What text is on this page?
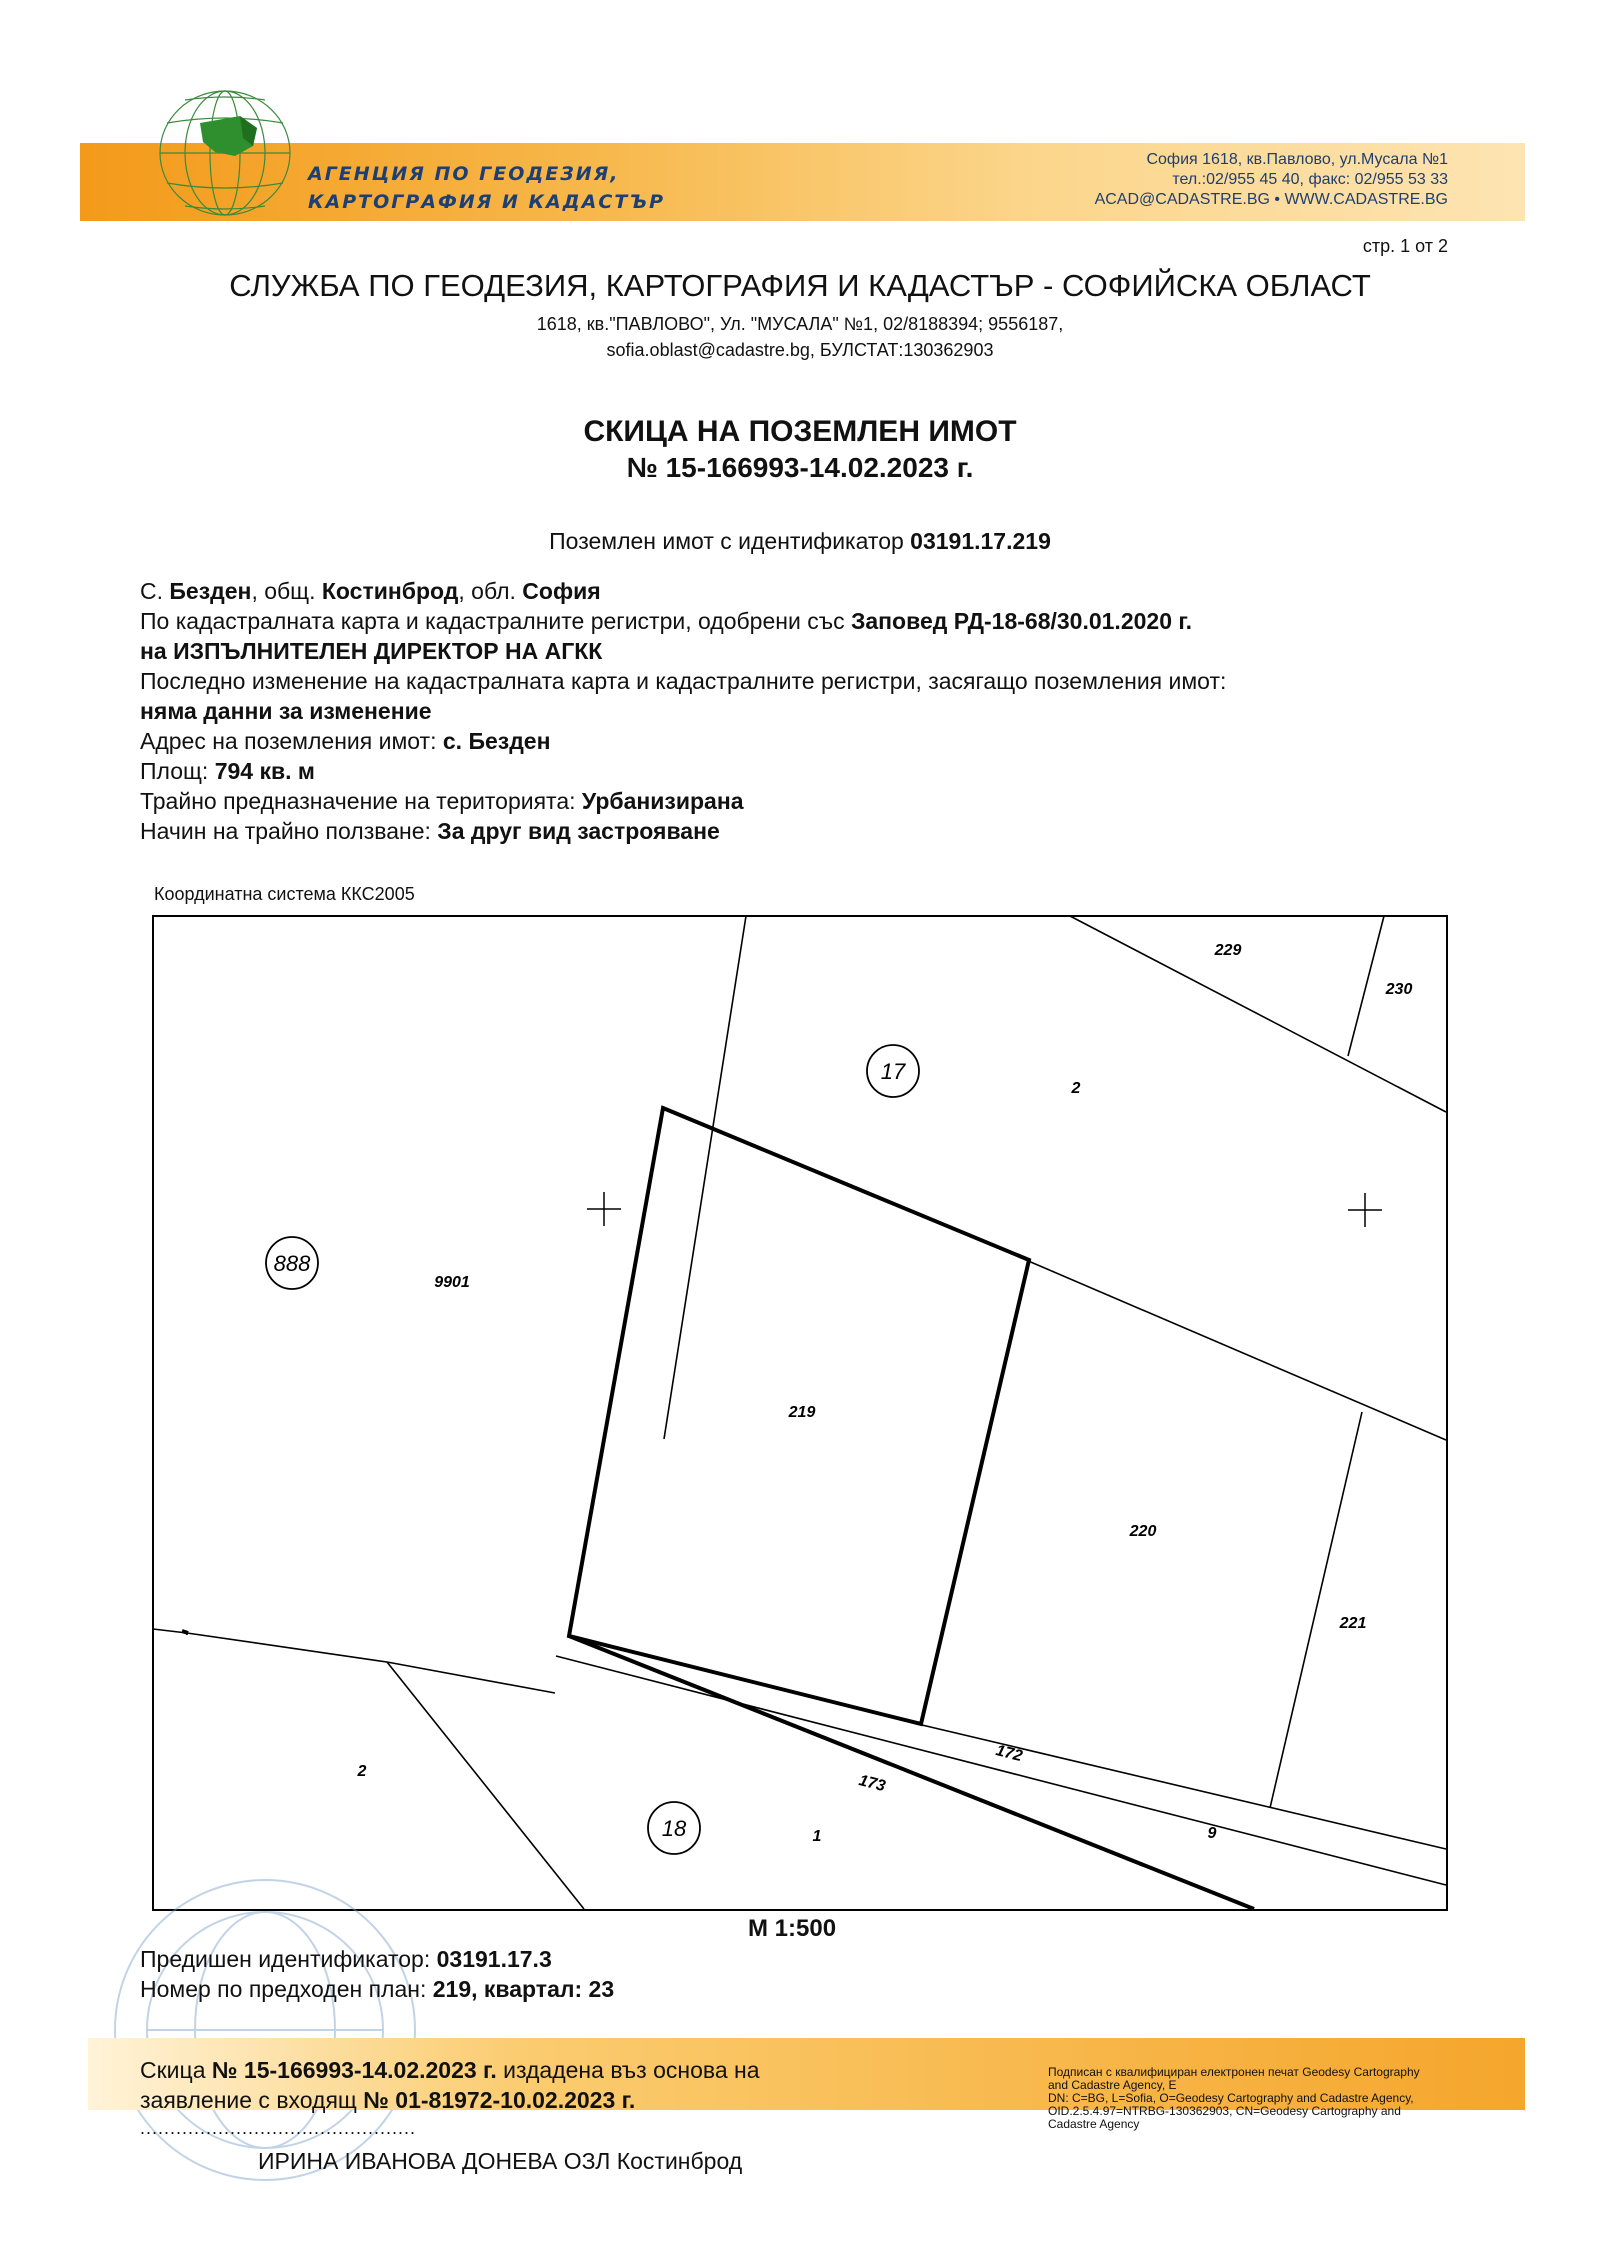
АГЕНЦИЯ ПО ГЕОДЕЗИЯ,
КАРТОГРАФИЯ И КАДАСТЪР
София 1618, кв.Павлово, ул.Мусала №1
тел.:02/955 45 40, факс: 02/955 53 33
ACAD@CADASTRE.BG • WWW.CADASTRE.BG
стр. 1 от 2
СЛУЖБА ПО ГЕОДЕЗИЯ, КАРТОГРАФИЯ И КАДАСТЪР - СОФИЙСКА ОБЛАСТ
1618, кв."ПАВЛОВО", Ул. "МУСАЛА" №1, 02/8188394; 9556187,
sofia.oblast@cadastre.bg, БУЛСТАТ:130362903
СКИЦА НА ПОЗЕМЛЕН ИМОТ
№ 15-166993-14.02.2023 г.
Поземлен имот с идентификатор 03191.17.219
С. Безден, общ. Костинброд, обл. София
По кадастралната карта и кадастралните регистри, одобрени със Заповед РД-18-68/30.01.2020 г.
на ИЗПЪЛНИТЕЛЕН ДИРЕКТОР НА АГКК
Последно изменение на кадастралната карта и кадастралните регистри, засягащо поземления имот:
няма данни за изменение
Адрес на поземления имот: с. Безден
Площ: 794 кв. м
Трайно предназначение на територията: Урбанизирана
Начин на трайно ползване: За друг вид застрояване
Координатна система ККС2005
17
888
18
229
230
2
9901
219
220
221
172
173
1	9
2
М 1:500
Предишен идентификатор: 03191.17.3
Номер по предходен план: 219, квартал: 23
Скица № 15-166993-14.02.2023 г. издадена въз основа на
заявление с входящ № 01-81972-10.02.2023 г.
Подписан с квалифициран електронен печат Geodesy Cartography
and Cadastre Agency, E
DN: C=BG, L=Sofia, O=Geodesy Cartography and Cadastre Agency,
OID.2.5.4.97=NTRBG-130362903, CN=Geodesy Cartography and
Cadastre Agency
..............................................
ИРИНА ИВАНОВА ДОНЕВА ОЗЛ Костинброд
